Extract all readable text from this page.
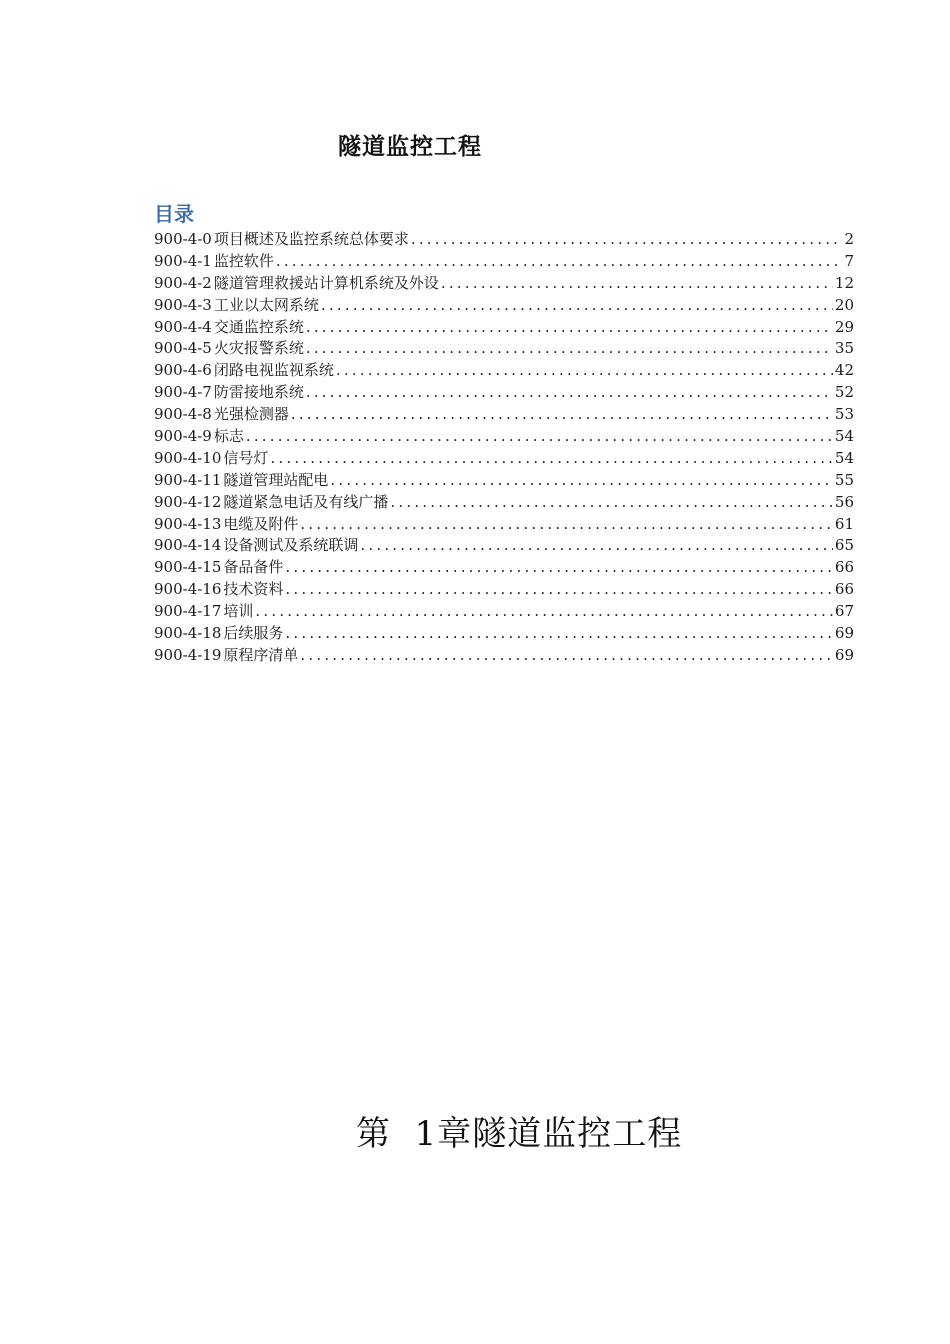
隧道监控工程
目录
900-4-0 项目概述及监控系统总体要求 .....	2
900-4-1 监控软件 .....	7
900-4-2 隧道管理救援站计算机系统及外设 .....	12
900-4-3 工业以太网系统 .....	20
900-4-4 交通监控系统 .....	29
900-4-5 火灾报警系统 .....	35
900-4-6 闭路电视监视系统 .....	42
900-4-7 防雷接地系统 .....	52
900-4-8 光强检测器 .....	53
900-4-9 标志 .....	54
900-4-10 信号灯 .....	54
900-4-11 隧道管理站配电 .....	55
900-4-12 隧道紧急电话及有线广播 .....	56
900-4-13 电缆及附件 .....	61
900-4-14 设备测试及系统联调 .....	65
900-4-15 备品备件 .....	66
900-4-16 技术资料 .....	66
900-4-17 培训 .....	67
900-4-18 后续服务 .....	69
900-4-19 原程序清单 .....	69
第  1章隧道监控工程
